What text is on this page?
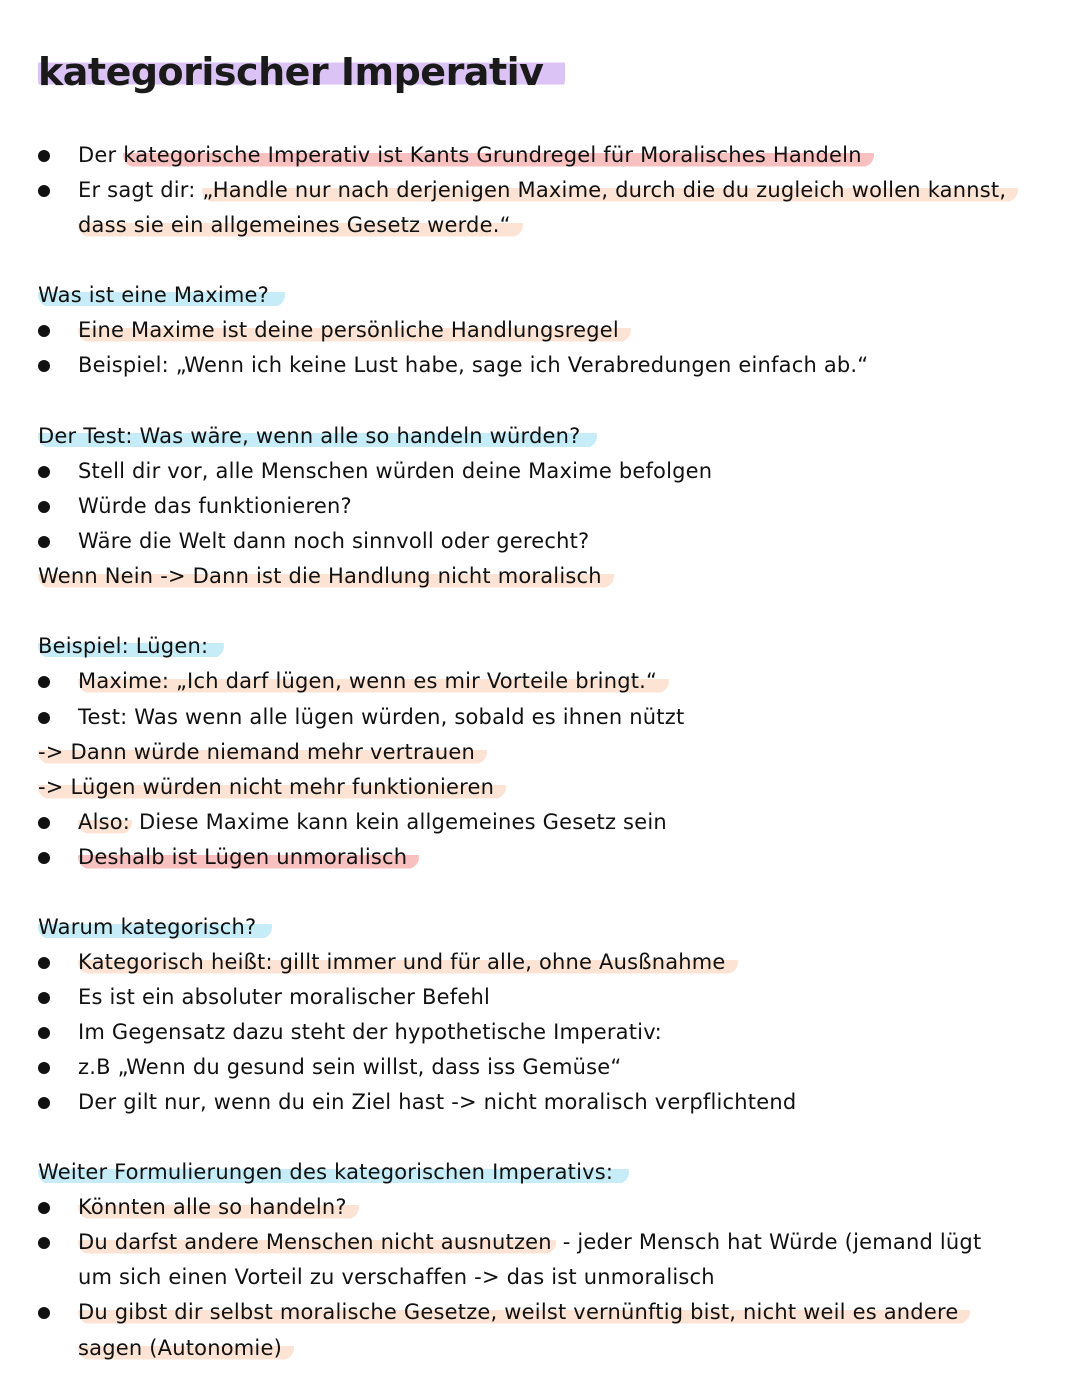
kategorischer Imperativ
Der kategorische Imperativ ist Kants Grundregel für Moralisches Handeln
Er sagt dir: „Handle nur nach derjenigen Maxime, durch die du zugleich wollen kannst,
dass sie ein allgemeines Gesetz werde.“
Was ist eine Maxime?
Eine Maxime ist deine persönliche Handlungsregel
Beispiel: „Wenn ich keine Lust habe, sage ich Verabredungen einfach ab.“
Der Test: Was wäre, wenn alle so handeln würden?
Stell dir vor, alle Menschen würden deine Maxime befolgen
Würde das funktionieren?
Wäre die Welt dann noch sinnvoll oder gerecht?
Wenn Nein -> Dann ist die Handlung nicht moralisch
Beispiel: Lügen:
Maxime: „Ich darf lügen, wenn es mir Vorteile bringt.“
Test: Was wenn alle lügen würden, sobald es ihnen nützt
-> Dann würde niemand mehr vertrauen
-> Lügen würden nicht mehr funktionieren
Also: Diese Maxime kann kein allgemeines Gesetz sein
Deshalb ist Lügen unmoralisch
Warum kategorisch?
Kategorisch heißt: gillt immer und für alle, ohne Ausßnahme
Es ist ein absoluter moralischer Befehl
Im Gegensatz dazu steht der hypothetische Imperativ:
z.B „Wenn du gesund sein willst, dass iss Gemüse“
Der gilt nur, wenn du ein Ziel hast -> nicht moralisch verpflichtend
Weiter Formulierungen des kategorischen Imperativs:
Könnten alle so handeln?
Du darfst andere Menschen nicht ausnutzen - jeder Mensch hat Würde (jemand lügt
um sich einen Vorteil zu verschaffen -> das ist unmoralisch
Du gibst dir selbst moralische Gesetze, weilst vernünftig bist, nicht weil es andere
sagen (Autonomie)
